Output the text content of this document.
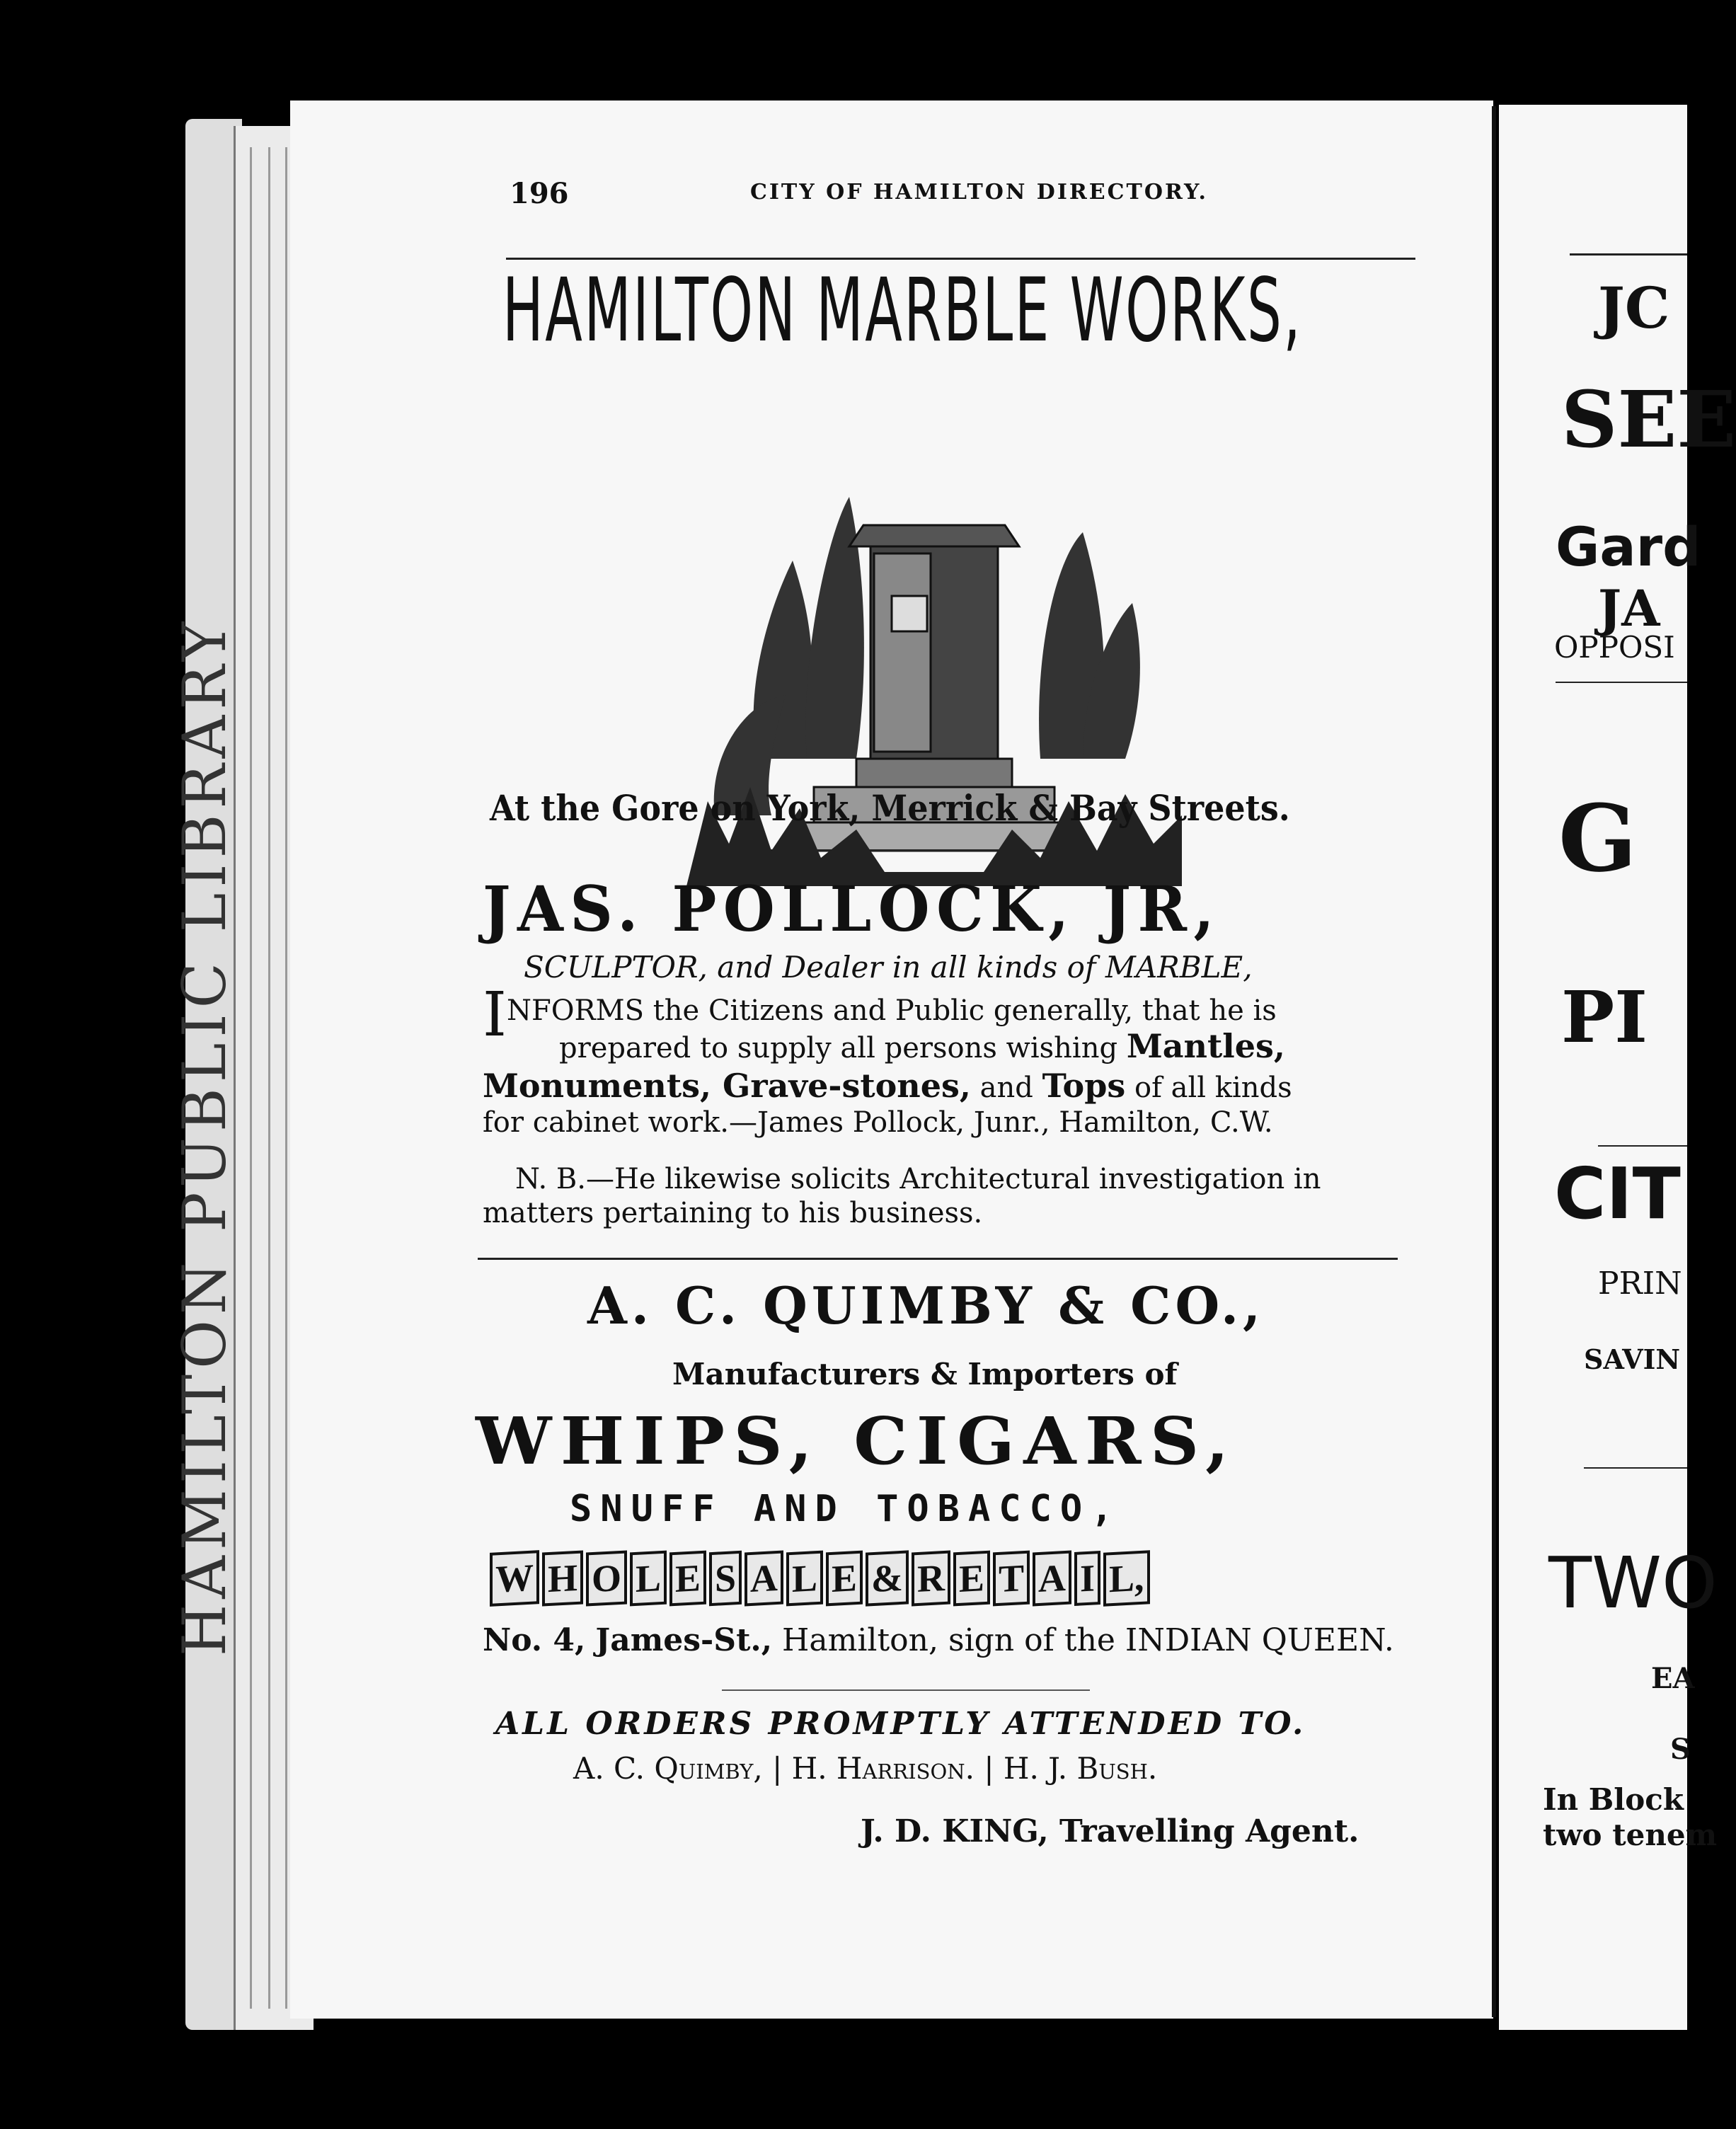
HAMILTON PUBLIC LIBRARY
196	CITY OF HAMILTON DIRECTORY.
HAMILTON MARBLE WORKS,
At the Gore on York, Merrick & Bay Streets.
JAS. POLLOCK, JR,
SCULPTOR, and Dealer in all kinds of MARBLE,
INFORMS the Citizens and Public generally, that he is
prepared to supply all persons wishing Mantles,
Monuments, Grave-stones, and Tops of all kinds
for cabinet work.—James Pollock, Junr., Hamilton, C.W.
N. B.—He likewise solicits Architectural investigation in
matters pertaining to his business.
A. C. QUIMBY & CO.,
Manufacturers & Importers of
WHIPS, CIGARS,
SNUFF AND TOBACCO,
W H O L E S A L E & R E T A I L,
No. 4, James-St., Hamilton, sign of the INDIAN QUEEN.
ALL ORDERS PROMPTLY ATTENDED TO.
A. C. Quimby, | H. Harrison. | H. J. Bush.
J. D. KING, Travelling Agent.
JC
SEE
Gard
JA
OPPOSI
G
PI
CIT
PRIN
SAVIN
TWO
EA
S
In Block
two tenem
